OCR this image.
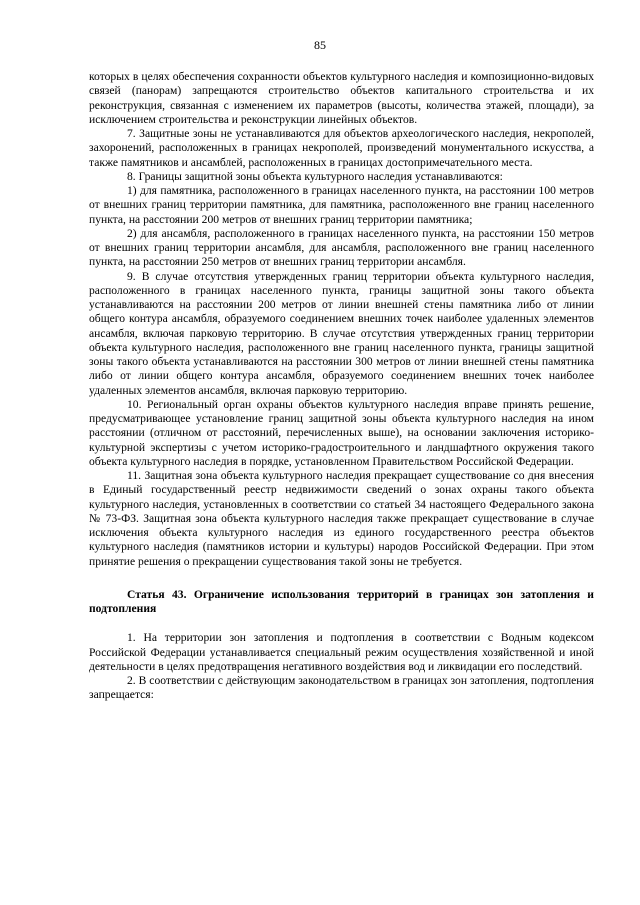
85

которых в целях обеспечения сохранности объектов культурного наследия и композиционно-видовых связей (панорам) запрещаются строительство объектов капитального строительства и их реконструкция, связанная с изменением их параметров (высоты, количества этажей, площади), за исключением строительства и реконструкции линейных объектов.

7. Защитные зоны не устанавливаются для объектов археологического наследия, некрополей, захоронений, расположенных в границах некрополей, произведений монументального искусства, а также памятников и ансамблей, расположенных в границах достопримечательного места.

8. Границы защитной зоны объекта культурного наследия устанавливаются:

1) для памятника, расположенного в границах населенного пункта, на расстоянии 100 метров от внешних границ территории памятника, для памятника, расположенного вне границ населенного пункта, на расстоянии 200 метров от внешних границ территории памятника;

2) для ансамбля, расположенного в границах населенного пункта, на расстоянии 150 метров от внешних границ территории ансамбля, для ансамбля, расположенного вне границ населенного пункта, на расстоянии 250 метров от внешних границ территории ансамбля.

9. В случае отсутствия утвержденных границ территории объекта культурного наследия, расположенного в границах населенного пункта, границы защитной зоны такого объекта устанавливаются на расстоянии 200 метров от линии внешней стены памятника либо от линии общего контура ансамбля, образуемого соединением внешних точек наиболее удаленных элементов ансамбля, включая парковую территорию. В случае отсутствия утвержденных границ территории объекта культурного наследия, расположенного вне границ населенного пункта, границы защитной зоны такого объекта устанавливаются на расстоянии 300 метров от линии внешней стены памятника либо от линии общего контура ансамбля, образуемого соединением внешних точек наиболее удаленных элементов ансамбля, включая парковую территорию.

10. Региональный орган охраны объектов культурного наследия вправе принять решение, предусматривающее установление границ защитной зоны объекта культурного наследия на ином расстоянии (отличном от расстояний, перечисленных выше), на основании заключения историко-культурной экспертизы с учетом историко-градостроительного и ландшафтного окружения такого объекта культурного наследия в порядке, установленном Правительством Российской Федерации.

11. Защитная зона объекта культурного наследия прекращает существование со дня внесения в Единый государственный реестр недвижимости сведений о зонах охраны такого объекта культурного наследия, установленных в соответствии со статьей 34 настоящего Федерального закона № 73-ФЗ. Защитная зона объекта культурного наследия также прекращает существование в случае исключения объекта культурного наследия из единого государственного реестра объектов культурного наследия (памятников истории и культуры) народов Российской Федерации. При этом принятие решения о прекращении существования такой зоны не требуется.

Статья 43. Ограничение использования территорий в границах зон затопления и подтопления

1. На территории зон затопления и подтопления в соответствии с Водным кодексом Российской Федерации устанавливается специальный режим осуществления хозяйственной и иной деятельности в целях предотвращения негативного воздействия вод и ликвидации его последствий.

2. В соответствии с действующим законодательством в границах зон затопления, подтопления запрещается:
